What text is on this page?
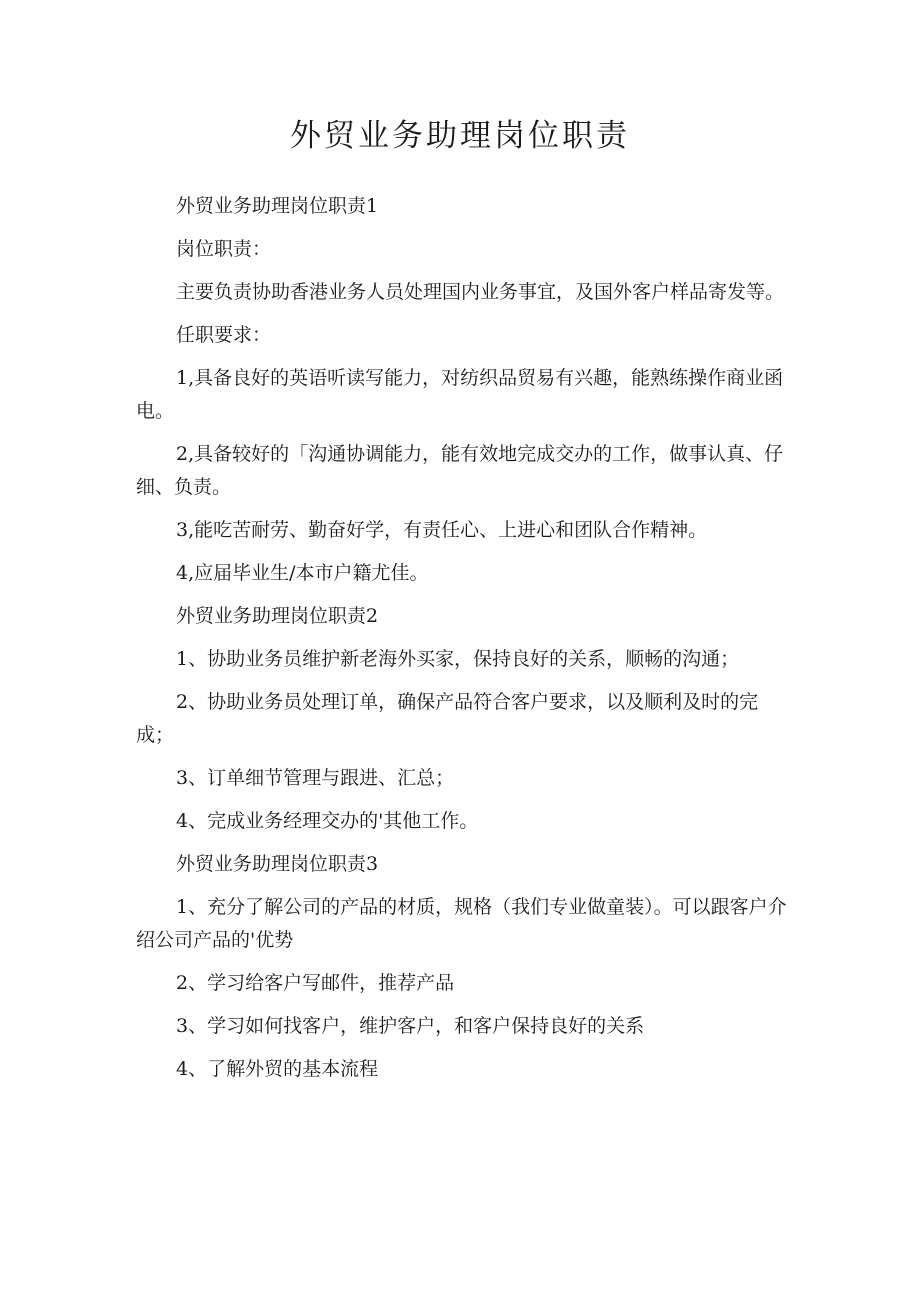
外贸业务助理岗位职责

外贸业务助理岗位职责1

岗位职责：

主要负责协助香港业务人员处理国内业务事宜，及国外客户样品寄发等。

任职要求：

1,具备良好的英语听读写能力，对纺织品贸易有兴趣，能熟练操作商业函电。

2,具备较好的「沟通协调能力，能有效地完成交办的工作，做事认真、仔细、负责。

3,能吃苦耐劳、勤奋好学，有责任心、上进心和团队合作精神。

4,应届毕业生/本市户籍尤佳。

外贸业务助理岗位职责2

1、协助业务员维护新老海外买家，保持良好的关系，顺畅的沟通；

2、协助业务员处理订单，确保产品符合客户要求，以及顺利及时的完成；

3、订单细节管理与跟进、汇总；

4、完成业务经理交办的'其他工作。

外贸业务助理岗位职责3

1、充分了解公司的产品的材质，规格（我们专业做童装）。可以跟客户介绍公司产品的'优势

2、学习给客户写邮件，推荐产品

3、学习如何找客户，维护客户，和客户保持良好的关系

4、了解外贸的基本流程
